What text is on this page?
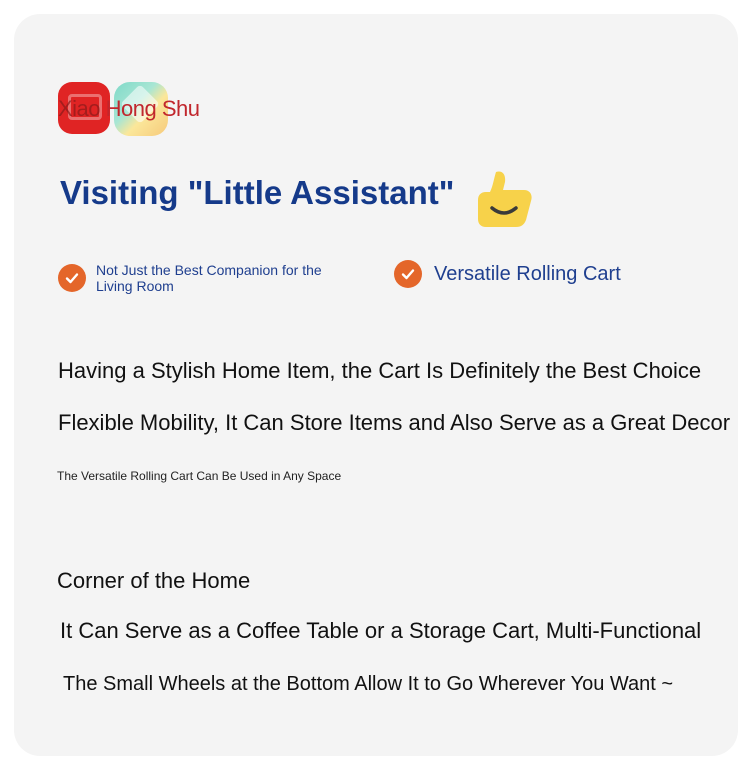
Xiao Hong Shu
Visiting "Little Assistant"
Not Just the Best Companion for the Living Room
Versatile Rolling Cart
Having a Stylish Home Item, the Cart Is Definitely the Best Choice
Flexible Mobility, It Can Store Items and Also Serve as a Great Decor
The Versatile Rolling Cart Can Be Used in Any Space
Corner of the Home
It Can Serve as a Coffee Table or a Storage Cart, Multi-Functional
The Small Wheels at the Bottom Allow It to Go Wherever You Want ~
